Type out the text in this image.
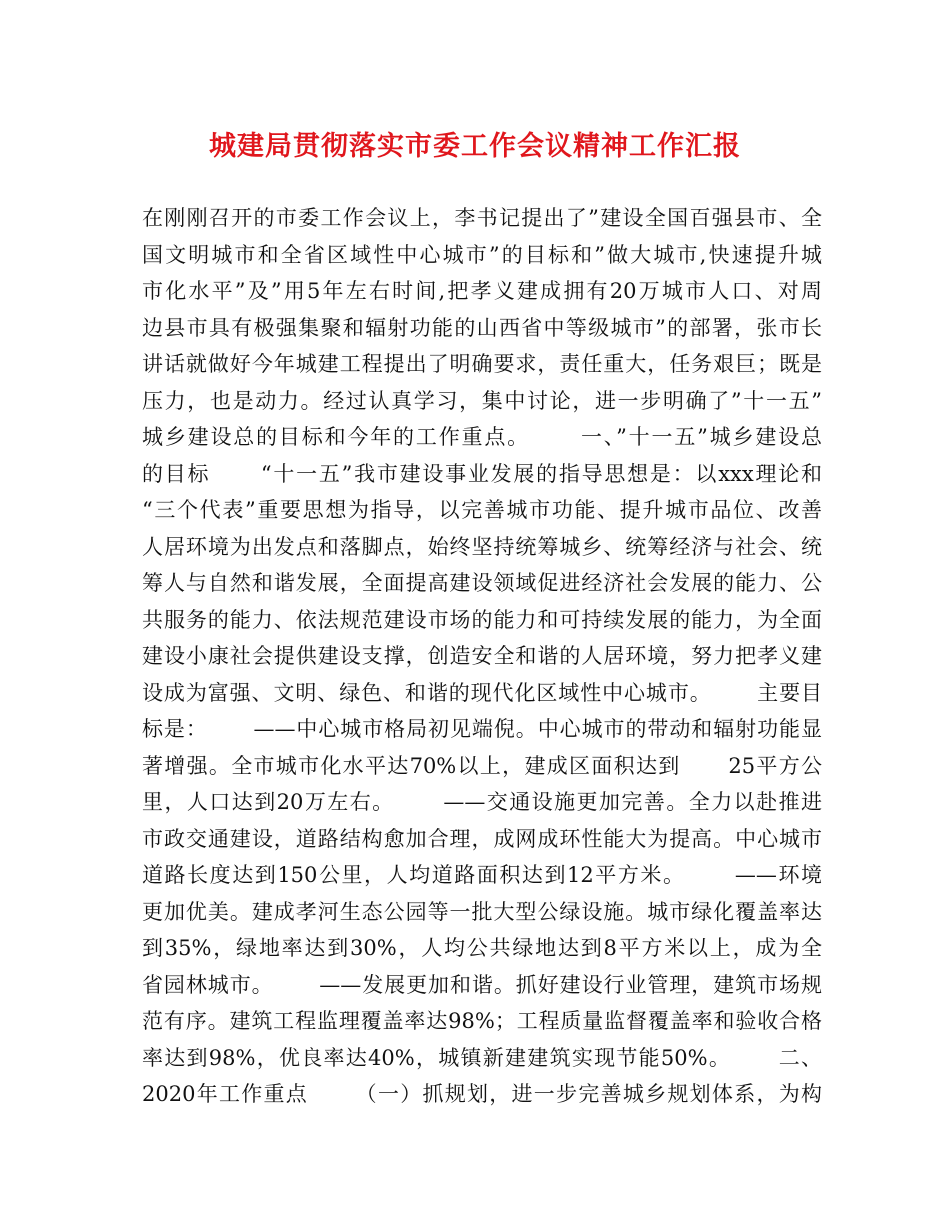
城建局贯彻落实市委工作会议精神工作汇报
在刚刚召开的市委工作会议上，李书记提出了”建设全国百强县市、全
国文明城市和全省区域性中心城市”的目标和”做大城市,快速提升城
市化水平”及”用5年左右时间,把孝义建成拥有20万城市人口、对周
边县市具有极强集聚和辐射功能的山西省中等级城市”的部署，张市长
讲话就做好今年城建工程提出了明确要求，责任重大，任务艰巨；既是
压力，也是动力。经过认真学习，集中讨论，进一步明确了”十一五”
城乡建设总的目标和今年的工作重点。      一、”十一五”城乡建设总
的目标      “十一五”我市建设事业发展的指导思想是：以xxx理论和
“三个代表”重要思想为指导，以完善城市功能、提升城市品位、改善
人居环境为出发点和落脚点，始终坚持统筹城乡、统筹经济与社会、统
筹人与自然和谐发展，全面提高建设领域促进经济社会发展的能力、公
共服务的能力、依法规范建设市场的能力和可持续发展的能力，为全面
建设小康社会提供建设支撑，创造安全和谐的人居环境，努力把孝义建
设成为富强、文明、绿色、和谐的现代化区域性中心城市。      主要目
标是：      ——中心城市格局初见端倪。中心城市的带动和辐射功能显
著增强。全市城市化水平达70%以上，建成区面积达到      25平方公
里，人口达到20万左右。      ——交通设施更加完善。全力以赴推进
市政交通建设，道路结构愈加合理，成网成环性能大为提高。中心城市
道路长度达到150公里，人均道路面积达到12平方米。      ——环境
更加优美。建成孝河生态公园等一批大型公绿设施。城市绿化覆盖率达
到35%，绿地率达到30%，人均公共绿地达到8平方米以上，成为全
省园林城市。      ——发展更加和谐。抓好建设行业管理，建筑市场规
范有序。建筑工程监理覆盖率达98%；工程质量监督覆盖率和验收合格
率达到98%，优良率达40%，城镇新建建筑实现节能50%。      二、
2020年工作重点      （一）抓规划，进一步完善城乡规划体系，为构
